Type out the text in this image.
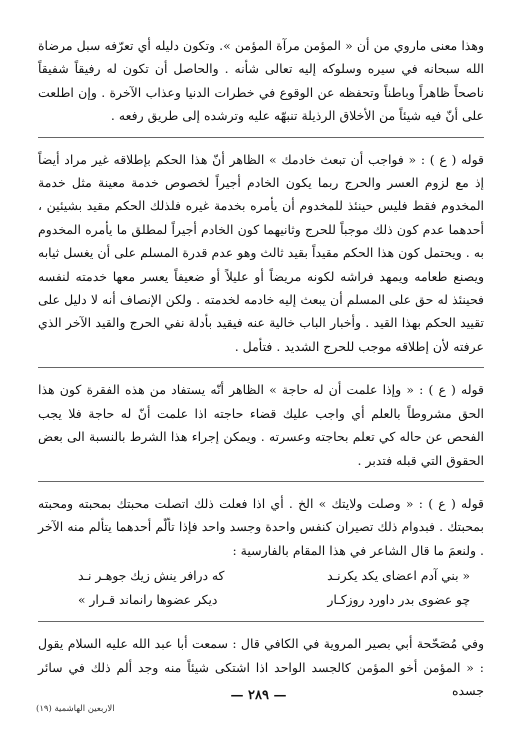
وهذا معنى ماروي من أن « المؤمن مرآة المؤمن ». وتكون دليله أي تعرّفه سبل مرضاة الله سبحانه في سيره وسلوكه إليه تعالى شأنه . والحاصل أن تكون له رفيقاً شفيقاً ناصحاً ظاهراً وباطناً وتحفظه عن الوقوع في خطرات الدنيا وعذاب الآخرة . وإن اطلعت على أنّ فيه شيئاً من الأخلاق الرذيلة تنبهّه عليه وترشده إلى طريق رفعه .

قوله ( ع ) : « فواجب أن تبعث خادمك » الظاهر أنّ هذا الحكم بإطلاقه غير مراد أيضاً إذ مع لزوم العسر والحرج ربما يكون الخادم أجيراً لخصوص خدمة معينة مثل خدمة المخدوم فقط فليس حينئذ للمخدوم أن يأمره بخدمة غيره فلذلك الحكم مقيد بشيئين ، أحدهما عدم كون ذلك موجباً للحرج وثانيهما كون الخادم أجيراً لمطلق ما يأمره المخدوم به . ويحتمل كون هذا الحكم مقيداً بقيد ثالث وهو عدم قدرة المسلم على أن يغسل ثيابه ويصنع طعامه ويمهد فراشه لكونه مريضاً أو عليلاً أو ضعيفاً يعسر معها خدمته لنفسه فحينئذ له حق على المسلم أن يبعث إليه خادمه لخدمته . ولكن الإنصاف أنه لا دليل على تقييد الحكم بهذا القيد . وأخبار الباب خالية عنه فيقيد بأدلة نفي الحرج والقيد الآخر الذي عرفته لأن إطلاقه موجب للحرج الشديد . فتأمل .

قوله ( ع ) : « وإذا علمت أن له حاجة » الظاهر أنّه يستفاد من هذه الفقرة كون هذا الحق مشروطاً بالعلم أي واجب عليك قضاء حاجته اذا علمت أنّ له حاجة فلا يجب الفحص عن حاله كي تعلم بحاجته وعسرته . ويمكن إجراء هذا الشرط بالنسبة الى بعض الحقوق التي قبله فتدبر .

قوله ( ع ) : « وصلت ولايتك » الخ . أي اذا فعلت ذلك اتصلت محبتك بمحبته ومحبته بمحبتك . فبدوام ذلك تصيران كنفس واحدة وجسد واحد فإذا تألّم أحدهما يتألم منه الآخر . ولنعمَ ما قال الشاعر في هذا المقام بالفارسية :

« بني آدم اعضاى يكد يكرنـد
كه درافر ينش زيك جوهـر نـد
چو عضوى بدر داورد روزكـار
ديكر عضوها رانماند قـرار »

وفي مُصَحّحة أبي بصير المروية في الكافي قال : سمعت أبا عبد الله عليه السلام يقول : « المؤمن أخو المؤمن كالجسد الواحد اذا اشتكى شيئاً منه وجد ألم ذلك في سائر جسده

— ٢٨٩ —
الاربعين الهاشمية (١٩)
